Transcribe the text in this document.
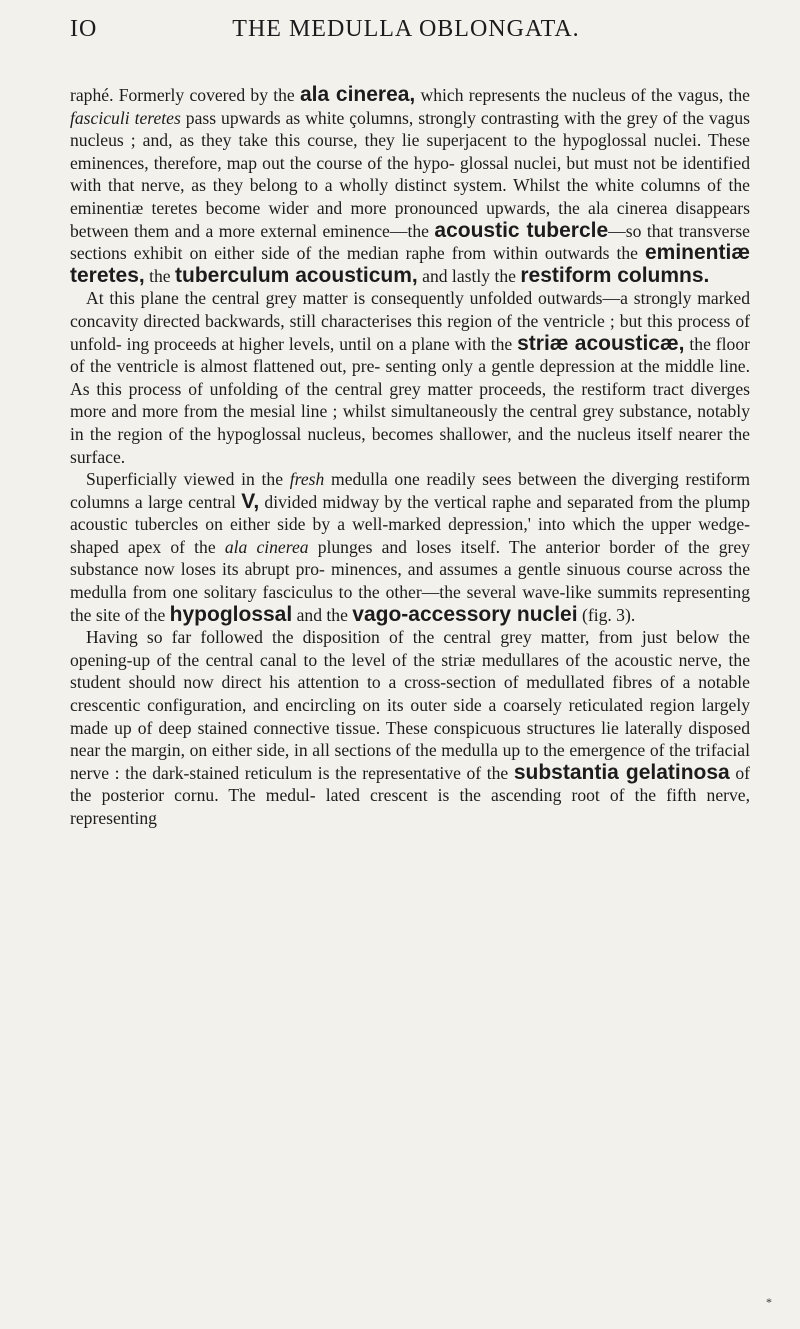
IO	THE MEDULLA OBLONGATA.

raphé. Formerly covered by the ala cinerea, which represents the nucleus of the vagus, the fasciculi teretes pass upwards as white çolumns, strongly contrasting with the grey of the vagus nucleus ; and, as they take this course, they lie superjacent to the hypoglossal nuclei. These eminences, therefore, map out the course of the hypo- glossal nuclei, but must not be identified with that nerve, as they belong to a wholly distinct system. Whilst the white columns of the eminentiæ teretes become wider and more pronounced upwards, the ala cinerea disappears between them and a more external eminence—the acoustic tubercle—so that transverse sections exhibit on either side of the median raphe from within outwards the eminentiæ teretes, the tuberculum acousticum, and lastly the restiform columns.

At this plane the central grey matter is consequently unfolded outwards—a strongly marked concavity directed backwards, still characterises this region of the ventricle ; but this process of unfold- ing proceeds at higher levels, until on a plane with the striæ acousticæ, the floor of the ventricle is almost flattened out, pre- senting only a gentle depression at the middle line. As this process of unfolding of the central grey matter proceeds, the restiform tract diverges more and more from the mesial line ; whilst simultaneously the central grey substance, notably in the region of the hypoglossal nucleus, becomes shallower, and the nucleus itself nearer the surface.

Superficially viewed in the fresh medulla one readily sees between the diverging restiform columns a large central V, divided midway by the vertical raphe and separated from the plump acoustic tubercles on either side by a well-marked depression,' into which the upper wedge-shaped apex of the ala cinerea plunges and loses itself. The anterior border of the grey substance now loses its abrupt pro- minences, and assumes a gentle sinuous course across the medulla from one solitary fasciculus to the other—the several wave-like summits representing the site of the hypoglossal and the vago-accessory nuclei (fig. 3).

Having so far followed the disposition of the central grey matter, from just below the opening-up of the central canal to the level of the striæ medullares of the acoustic nerve, the student should now direct his attention to a cross-section of medullated fibres of a notable crescentic configuration, and encircling on its outer side a coarsely reticulated region largely made up of deep stained connective tissue. These conspicuous structures lie laterally disposed near the margin, on either side, in all sections of the medulla up to the emergence of the trifacial nerve : the dark-stained reticulum is the representative of the substantia gelatinosa of the posterior cornu. The medul- lated crescent is the ascending root of the fifth nerve, representing

*
